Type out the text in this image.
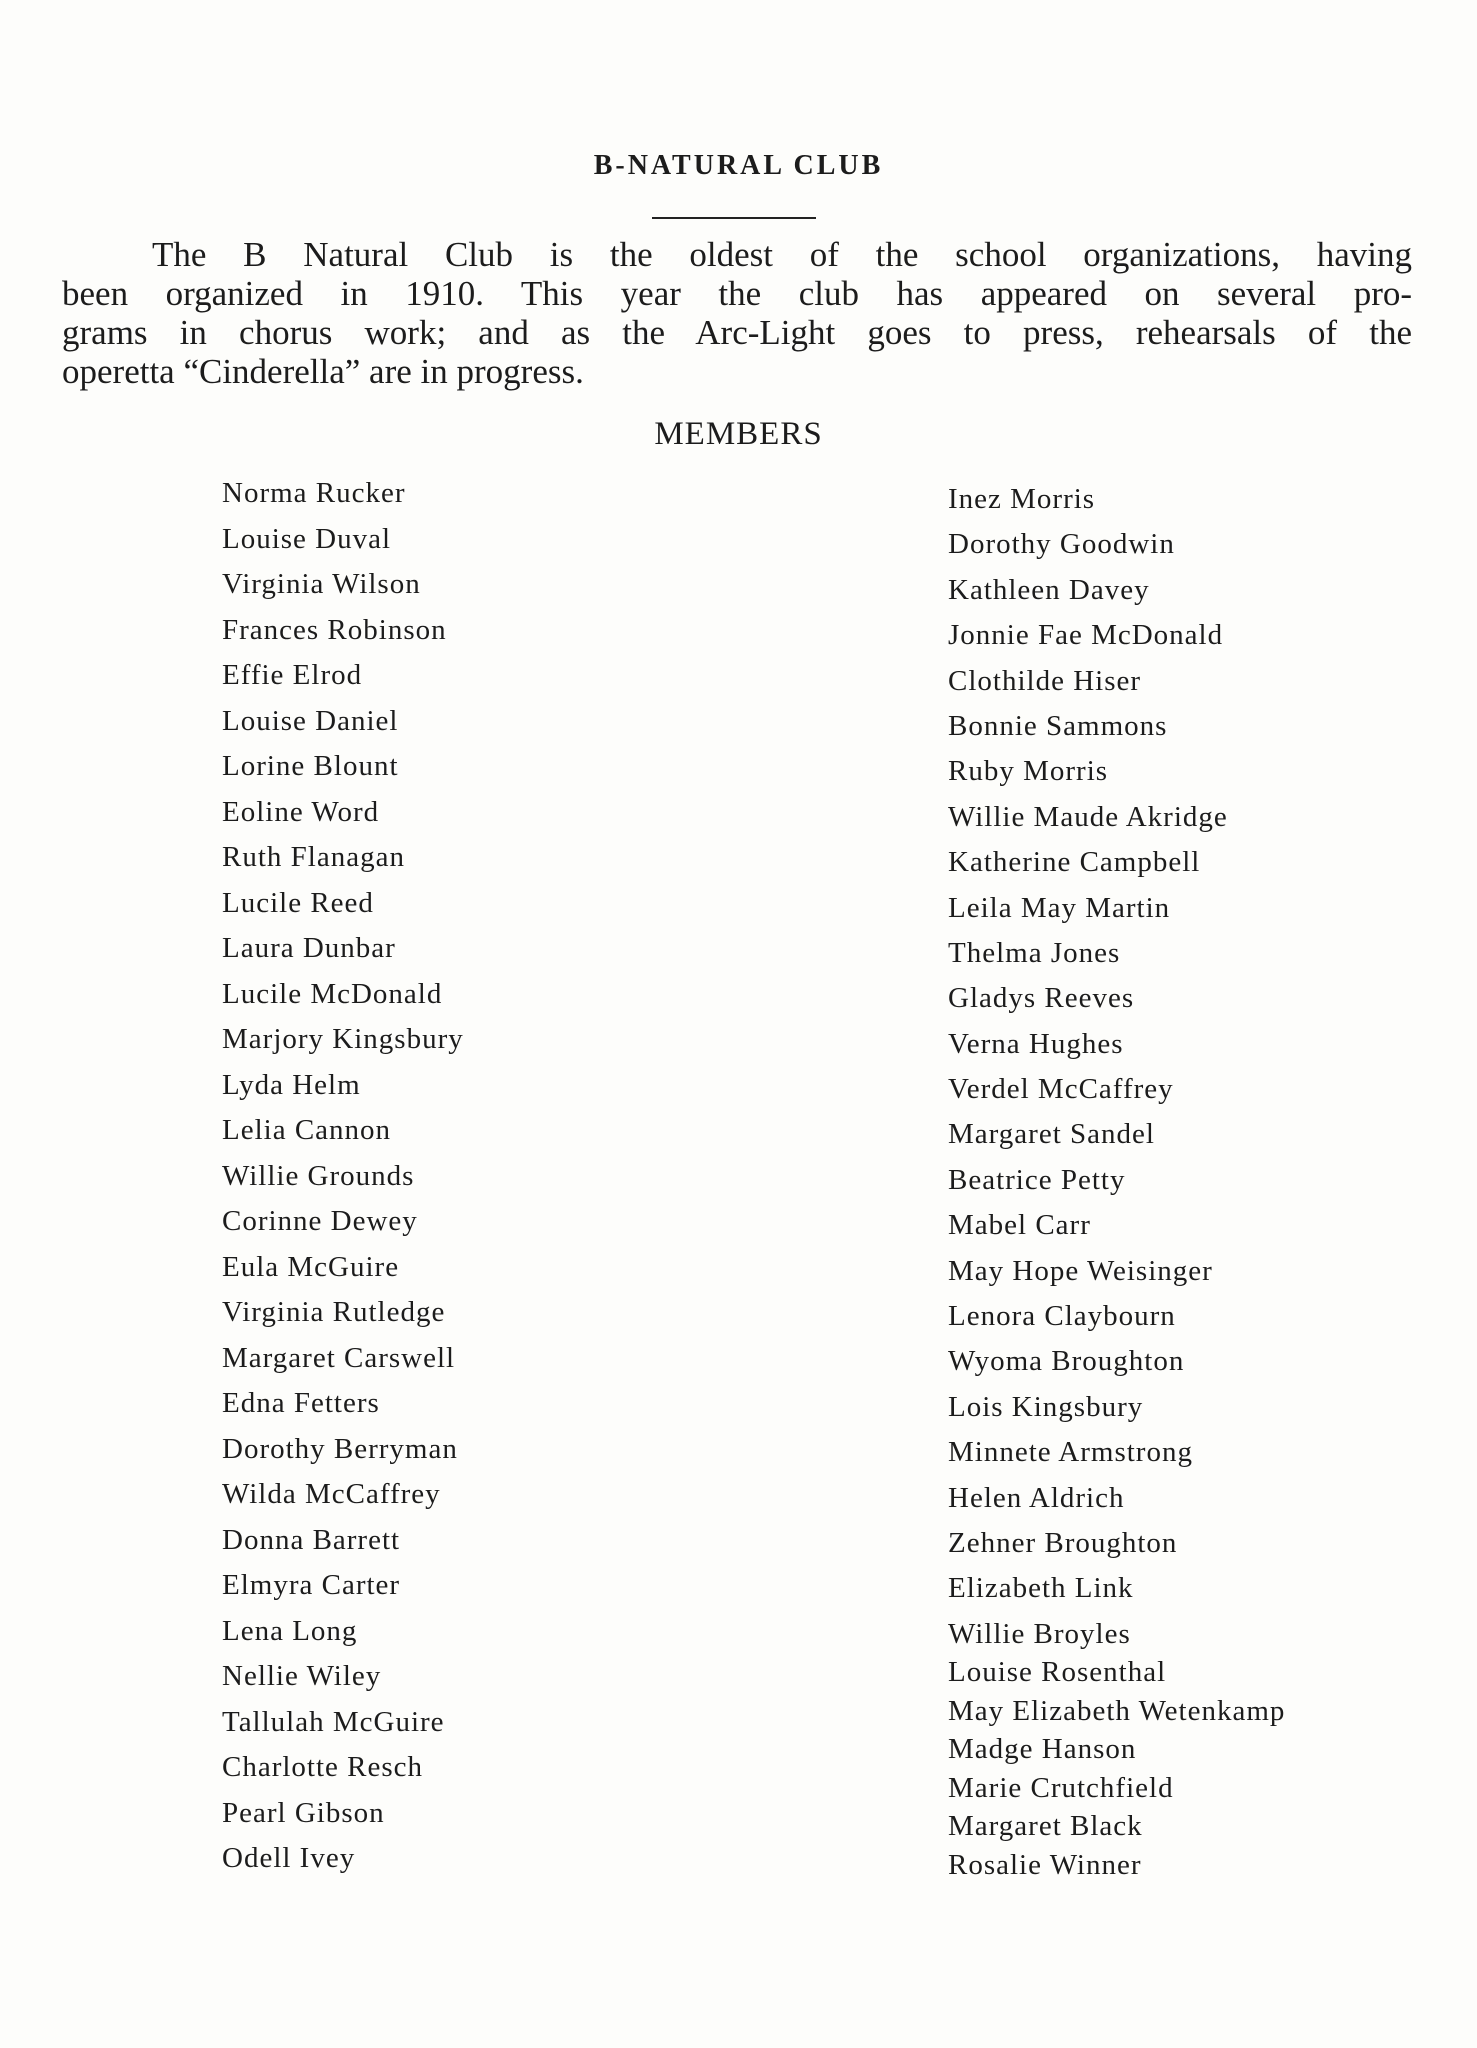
B-NATURAL CLUB

The B Natural Club is the oldest of the school organizations, having
been organized in 1910. This year the club has appeared on several pro-
grams in chorus work; and as the Arc-Light goes to press, rehearsals of the
operetta “Cinderella” are in progress.

MEMBERS
Norma Rucker
Louise Duval
Virginia Wilson
Frances Robinson
Effie Elrod
Louise Daniel
Lorine Blount
Eoline Word
Ruth Flanagan
Lucile Reed
Laura Dunbar
Lucile McDonald
Marjory Kingsbury
Lyda Helm
Lelia Cannon
Willie Grounds
Corinne Dewey
Eula McGuire
Virginia Rutledge
Margaret Carswell
Edna Fetters
Dorothy Berryman
Wilda McCaffrey
Donna Barrett
Elmyra Carter
Lena Long
Nellie Wiley
Tallulah McGuire
Charlotte Resch
Pearl Gibson
Odell Ivey
Inez Morris
Dorothy Goodwin
Kathleen Davey
Jonnie Fae McDonald
Clothilde Hiser
Bonnie Sammons
Ruby Morris
Willie Maude Akridge
Katherine Campbell
Leila May Martin
Thelma Jones
Gladys Reeves
Verna Hughes
Verdel McCaffrey
Margaret Sandel
Beatrice Petty
Mabel Carr
May Hope Weisinger
Lenora Claybourn
Wyoma Broughton
Lois Kingsbury
Minnete Armstrong
Helen Aldrich
Zehner Broughton
Elizabeth Link
Willie Broyles
Louise Rosenthal
May Elizabeth Wetenkamp
Madge Hanson
Marie Crutchfield
Margaret Black
Rosalie Winner
